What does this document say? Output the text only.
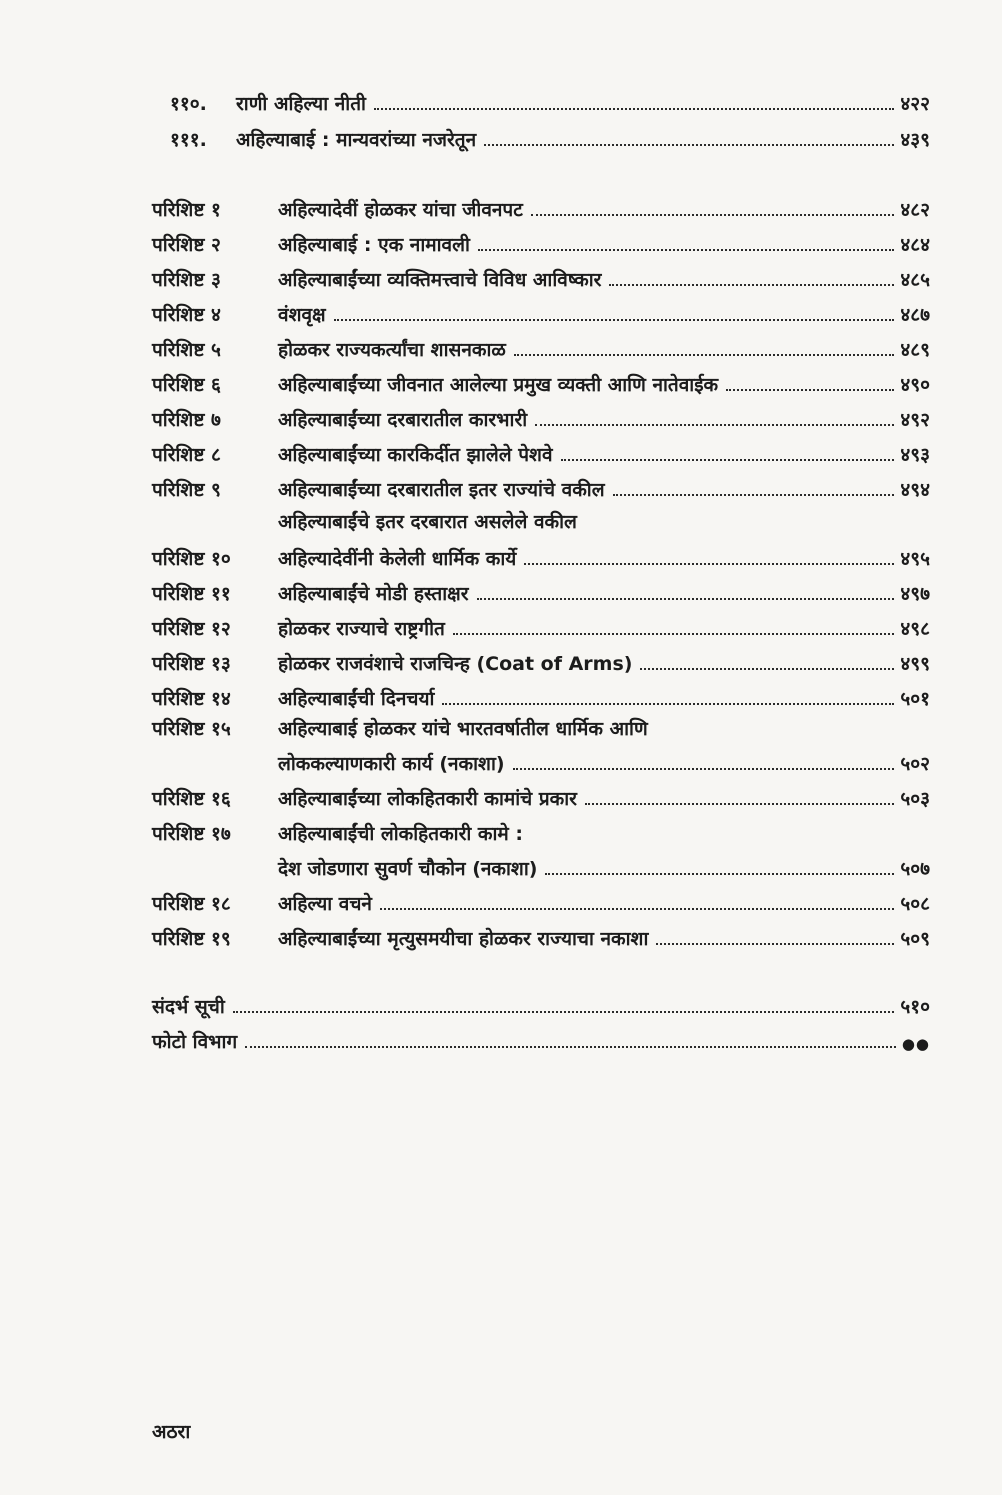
११०.	राणी अहिल्या नीती	४२२
१११.	अहिल्याबाई : मान्यवरांच्या नजरेतून	४३९
परिशिष्ट १	अहिल्यादेवीं होळकर यांचा जीवनपट	४८२
परिशिष्ट २	अहिल्याबाई : एक नामावली	४८४
परिशिष्ट ३	अहिल्याबाईंच्या व्यक्तिमत्त्वाचे विविध आविष्कार	४८५
परिशिष्ट ४	वंशवृक्ष	४८७
परिशिष्ट ५	होळकर राज्यकर्त्यांचा शासनकाळ	४८९
परिशिष्ट ६	अहिल्याबाईंच्या जीवनात आलेल्या प्रमुख व्यक्ती आणि नातेवाईक	४९०
परिशिष्ट ७	अहिल्याबाईंच्या दरबारातील कारभारी	४९२
परिशिष्ट ८	अहिल्याबाईंच्या कारकिर्दीत झालेले पेशवे	४९३
परिशिष्ट ९	अहिल्याबाईंच्या दरबारातील इतर राज्यांचे वकील	४९४
अहिल्याबाईंचे इतर दरबारात असलेले वकील
परिशिष्ट १०	अहिल्यादेवींनी केलेली धार्मिक कार्ये	४९५
परिशिष्ट ११	अहिल्याबाईंचे मोडी हस्ताक्षर	४९७
परिशिष्ट १२	होळकर राज्याचे राष्ट्रगीत	४९८
परिशिष्ट १३	होळकर राजवंशाचे राजचिन्ह (Coat of Arms)	४९९
परिशिष्ट १४	अहिल्याबाईंची दिनचर्या	५०१
परिशिष्ट १५	अहिल्याबाई होळकर यांचे भारतवर्षातील धार्मिक आणि
लोककल्याणकारी कार्य (नकाशा)	५०२
परिशिष्ट १६	अहिल्याबाईंच्या लोकहितकारी कामांचे प्रकार	५०३
परिशिष्ट १७	अहिल्याबाईंची लोकहितकारी कामे :
देश जोडणारा सुवर्ण चौकोन (नकाशा)	५०७
परिशिष्ट १८	अहिल्या वचने	५०८
परिशिष्ट १९	अहिल्याबाईंच्या मृत्युसमयीचा होळकर राज्याचा नकाशा	५०९
संदर्भ सूची	५१०
फोटो विभाग	●●
अठरा
